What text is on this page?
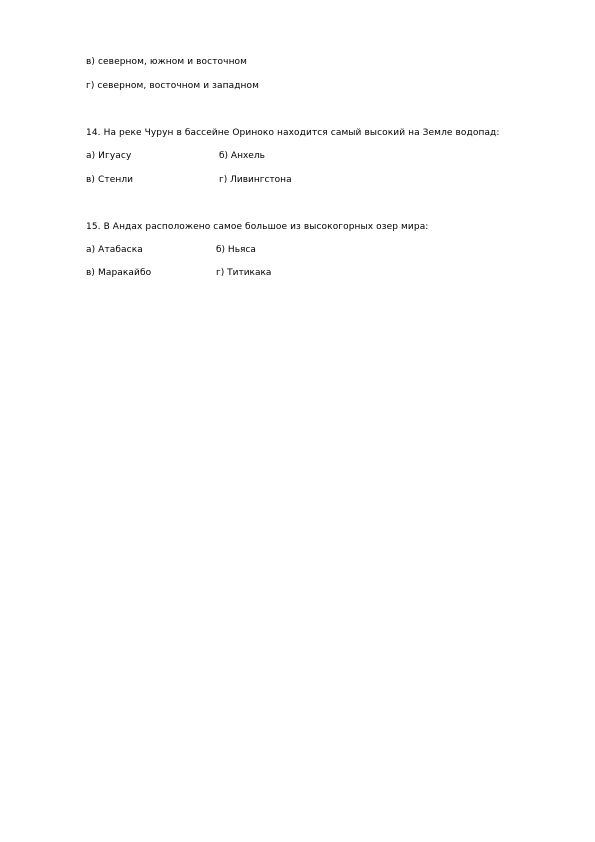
в) северном, южном и восточном
г) северном, восточном и западном
14. На реке Чурун в бассейне Ориноко находится самый высокий на Земле водопад:
а) Игуасу	б) Анхель
в) Стенли	г) Ливингстона
15. В Андах расположено самое большое из высокогорных озер мира:
а) Атабаска	б) Ньяса
в) Маракайбо	г) Титикака
